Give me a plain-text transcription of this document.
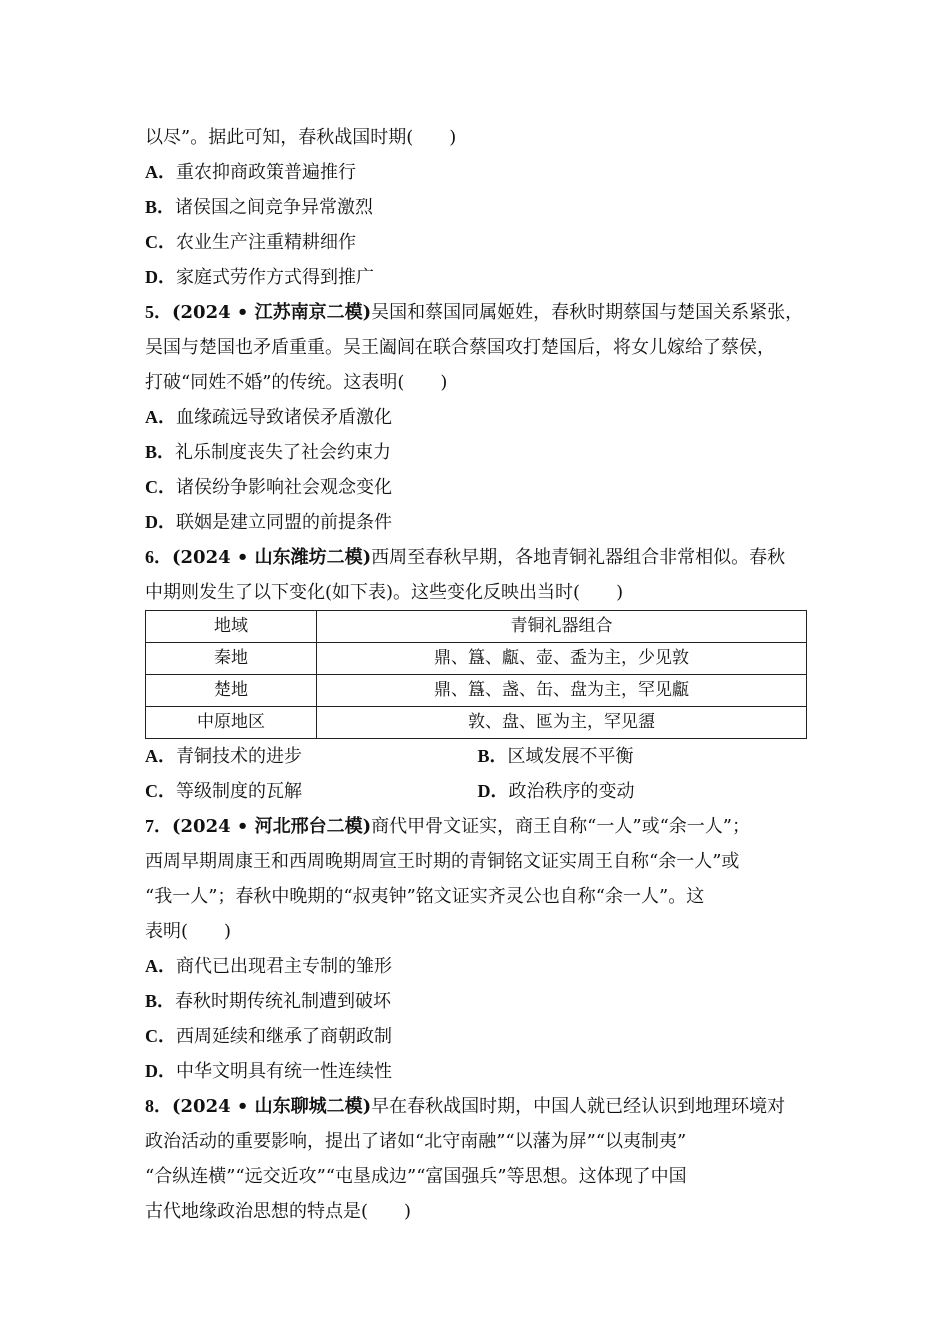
以尽”。据此可知，春秋战国时期(　　)
A．重农抑商政策普遍推行
B．诸侯国之间竞争异常激烈
C．农业生产注重精耕细作
D．家庭式劳作方式得到推广
5．(2024 • 江苏南京二模)吴国和蔡国同属姬姓，春秋时期蔡国与楚国关系紧张，
吴国与楚国也矛盾重重。吴王阖闾在联合蔡国攻打楚国后，将女儿嫁给了蔡侯，
打破“同姓不婚”的传统。这表明(　　)
A．血缘疏远导致诸侯矛盾激化
B．礼乐制度丧失了社会约束力
C．诸侯纷争影响社会观念变化
D．联姻是建立同盟的前提条件
6．(2024 • 山东潍坊二模)西周至春秋早期，各地青铜礼器组合非常相似。春秋
中期则发生了以下变化(如下表)。这些变化反映出当时(　　)
地域	青铜礼器组合
秦地	鼎、簋、甗、壶、盉为主，少见敦
楚地	鼎、簋、盏、缶、盘为主，罕见甗
中原地区	敦、盘、匜为主，罕见盨
A．青铜技术的进步	B．区域发展不平衡
C．等级制度的瓦解	D．政治秩序的变动
7．(2024 • 河北邢台二模)商代甲骨文证实，商王自称“一人”或“余一人”；
西周早期周康王和西周晚期周宣王时期的青铜铭文证实周王自称“余一人”或
“我一人”；春秋中晚期的“叔夷钟”铭文证实齐灵公也自称“余一人”。这
表明(　　)
A．商代已出现君主专制的雏形
B．春秋时期传统礼制遭到破坏
C．西周延续和继承了商朝政制
D．中华文明具有统一性连续性
8．(2024 • 山东聊城二模)早在春秋战国时期，中国人就已经认识到地理环境对
政治活动的重要影响，提出了诸如“北守南融”“以藩为屏”“以夷制夷”
“合纵连横”“远交近攻”“屯垦成边”“富国强兵”等思想。这体现了中国
古代地缘政治思想的特点是(　　)
